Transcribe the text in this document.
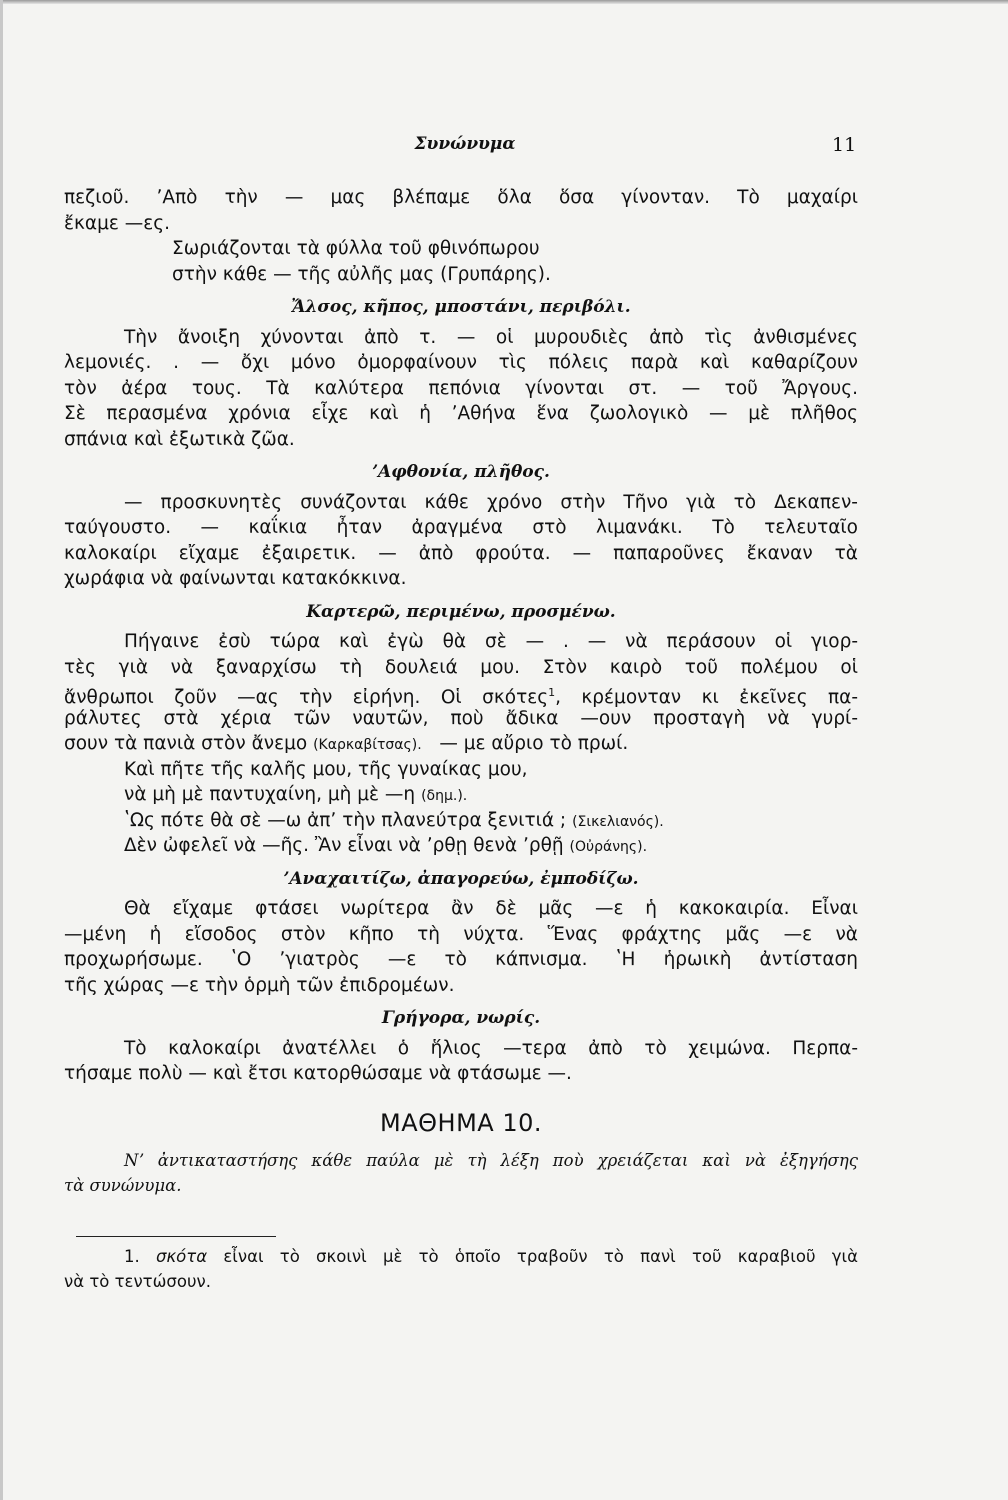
Συνώνυμα	11
πεζιοῦ. ʼΑπὸ τὴν — μας βλέπαμε ὅλα ὅσα γίνονταν. Τὸ μαχαίρι
ἔκαμε —ες.
Σωριάζονται τὰ φύλλα τοῦ φθινόπωρου
στὴν κάθε — τῆς αὐλῆς μας (Γρυπάρης).
Ἄλσος, κῆπος, μποστάνι, περιβόλι.
Τὴν ἄνοιξη χύνονται ἀπὸ τ. — οἱ μυρουδιὲς ἀπὸ τὶς ἀνθισμένες
λεμονιές. . — ὄχι μόνο ὀμορφαίνουν τὶς πόλεις παρὰ καὶ καθαρίζουν
τὸν ἀέρα τους. Τὰ καλύτερα πεπόνια γίνονται στ. — τοῦ Ἄργους.
Σὲ περασμένα χρόνια εἶχε καὶ ἡ ʼΑθήνα ἕνα ζωολογικὸ — μὲ πλῆθος
σπάνια καὶ ἐξωτικὰ ζῶα.
ʼΑφθονία, πλῆθος.
— προσκυνητὲς συνάζονται κάθε χρόνο στὴν Τῆνο γιὰ τὸ Δεκαπεν-
ταύγουστο. — καΐκια ἦταν ἀραγμένα στὸ λιμανάκι. Τὸ τελευταῖο
καλοκαίρι εἴχαμε ἐξαιρετικ. — ἀπὸ φρούτα. — παπαροῦνες ἔκαναν τὰ
χωράφια νὰ φαίνωνται κατακόκκινα.
Καρτερῶ, περιμένω, προσμένω.
Πήγαινε ἐσὺ τώρα καὶ ἐγὼ θὰ σὲ — . — νὰ περάσουν οἱ γιορ-
τὲς γιὰ νὰ ξαναρχίσω τὴ δουλειά μου. Στὸν καιρὸ τοῦ πολέμου οἱ
ἄνθρωποι ζοῦν —ας τὴν εἰρήνη. Οἱ σκότες$^1$, κρέμονταν κι ἐκεῖνες πα-
ράλυτες στὰ χέρια τῶν ναυτῶν, ποὺ ἄδικα —ουν προσταγὴ νὰ γυρί-
σουν τὰ πανιὰ στὸν ἄνεμο (Καρκαβίτσας). — με αὔριο τὸ πρωί.
Καὶ πῆτε τῆς καλῆς μου, τῆς γυναίκας μου,
νὰ μὴ μὲ παντυχαίνη, μὴ μὲ —η (δημ.).
ʽΩς πότε θὰ σὲ —ω ἀπʼ τὴν πλανεύτρα ξενιτιά ; (Σικελιανός).
Δὲν ὠφελεῖ νὰ —ῆς. Ἂν εἶναι νὰ ʼρθῃ θενὰ ʼρθῇ (Οὐράνης).
ʼΑναχαιτίζω, ἀπαγορεύω, ἐμποδίζω.
Θὰ εἴχαμε φτάσει νωρίτερα ἂν δὲ μᾶς —ε ἡ κακοκαιρία. Εἶναι
—μένη ἡ εἴσοδος στὸν κῆπο τὴ νύχτα. Ἕνας φράχτης μᾶς —ε νὰ
προχωρήσωμε. ʽΟ ʼγιατρὸς —ε τὸ κάπνισμα. ʽΗ ἡρωικὴ ἀντίσταση
τῆς χώρας —ε τὴν ὁρμὴ τῶν ἐπιδρομέων.
Γρήγορα, νωρίς.
Τὸ καλοκαίρι ἀνατέλλει ὁ ἥλιος —τερα ἀπὸ τὸ χειμώνα. Περπα-
τήσαμε πολὺ — καὶ ἔτσι κατορθώσαμε νὰ φτάσωμε —.
ΜΑΘΗΜΑ 10.
Νʼ ἀντικαταστήσης κάθε παύλα μὲ τὴ λέξη ποὺ χρειάζεται καὶ νὰ ἐξηγήσης
τὰ συνώνυμα.
1. σκότα εἶναι τὸ σκοινὶ μὲ τὸ ὁποῖο τραβοῦν τὸ πανὶ τοῦ καραβιοῦ γιὰ
νὰ τὸ τεντώσουν.
